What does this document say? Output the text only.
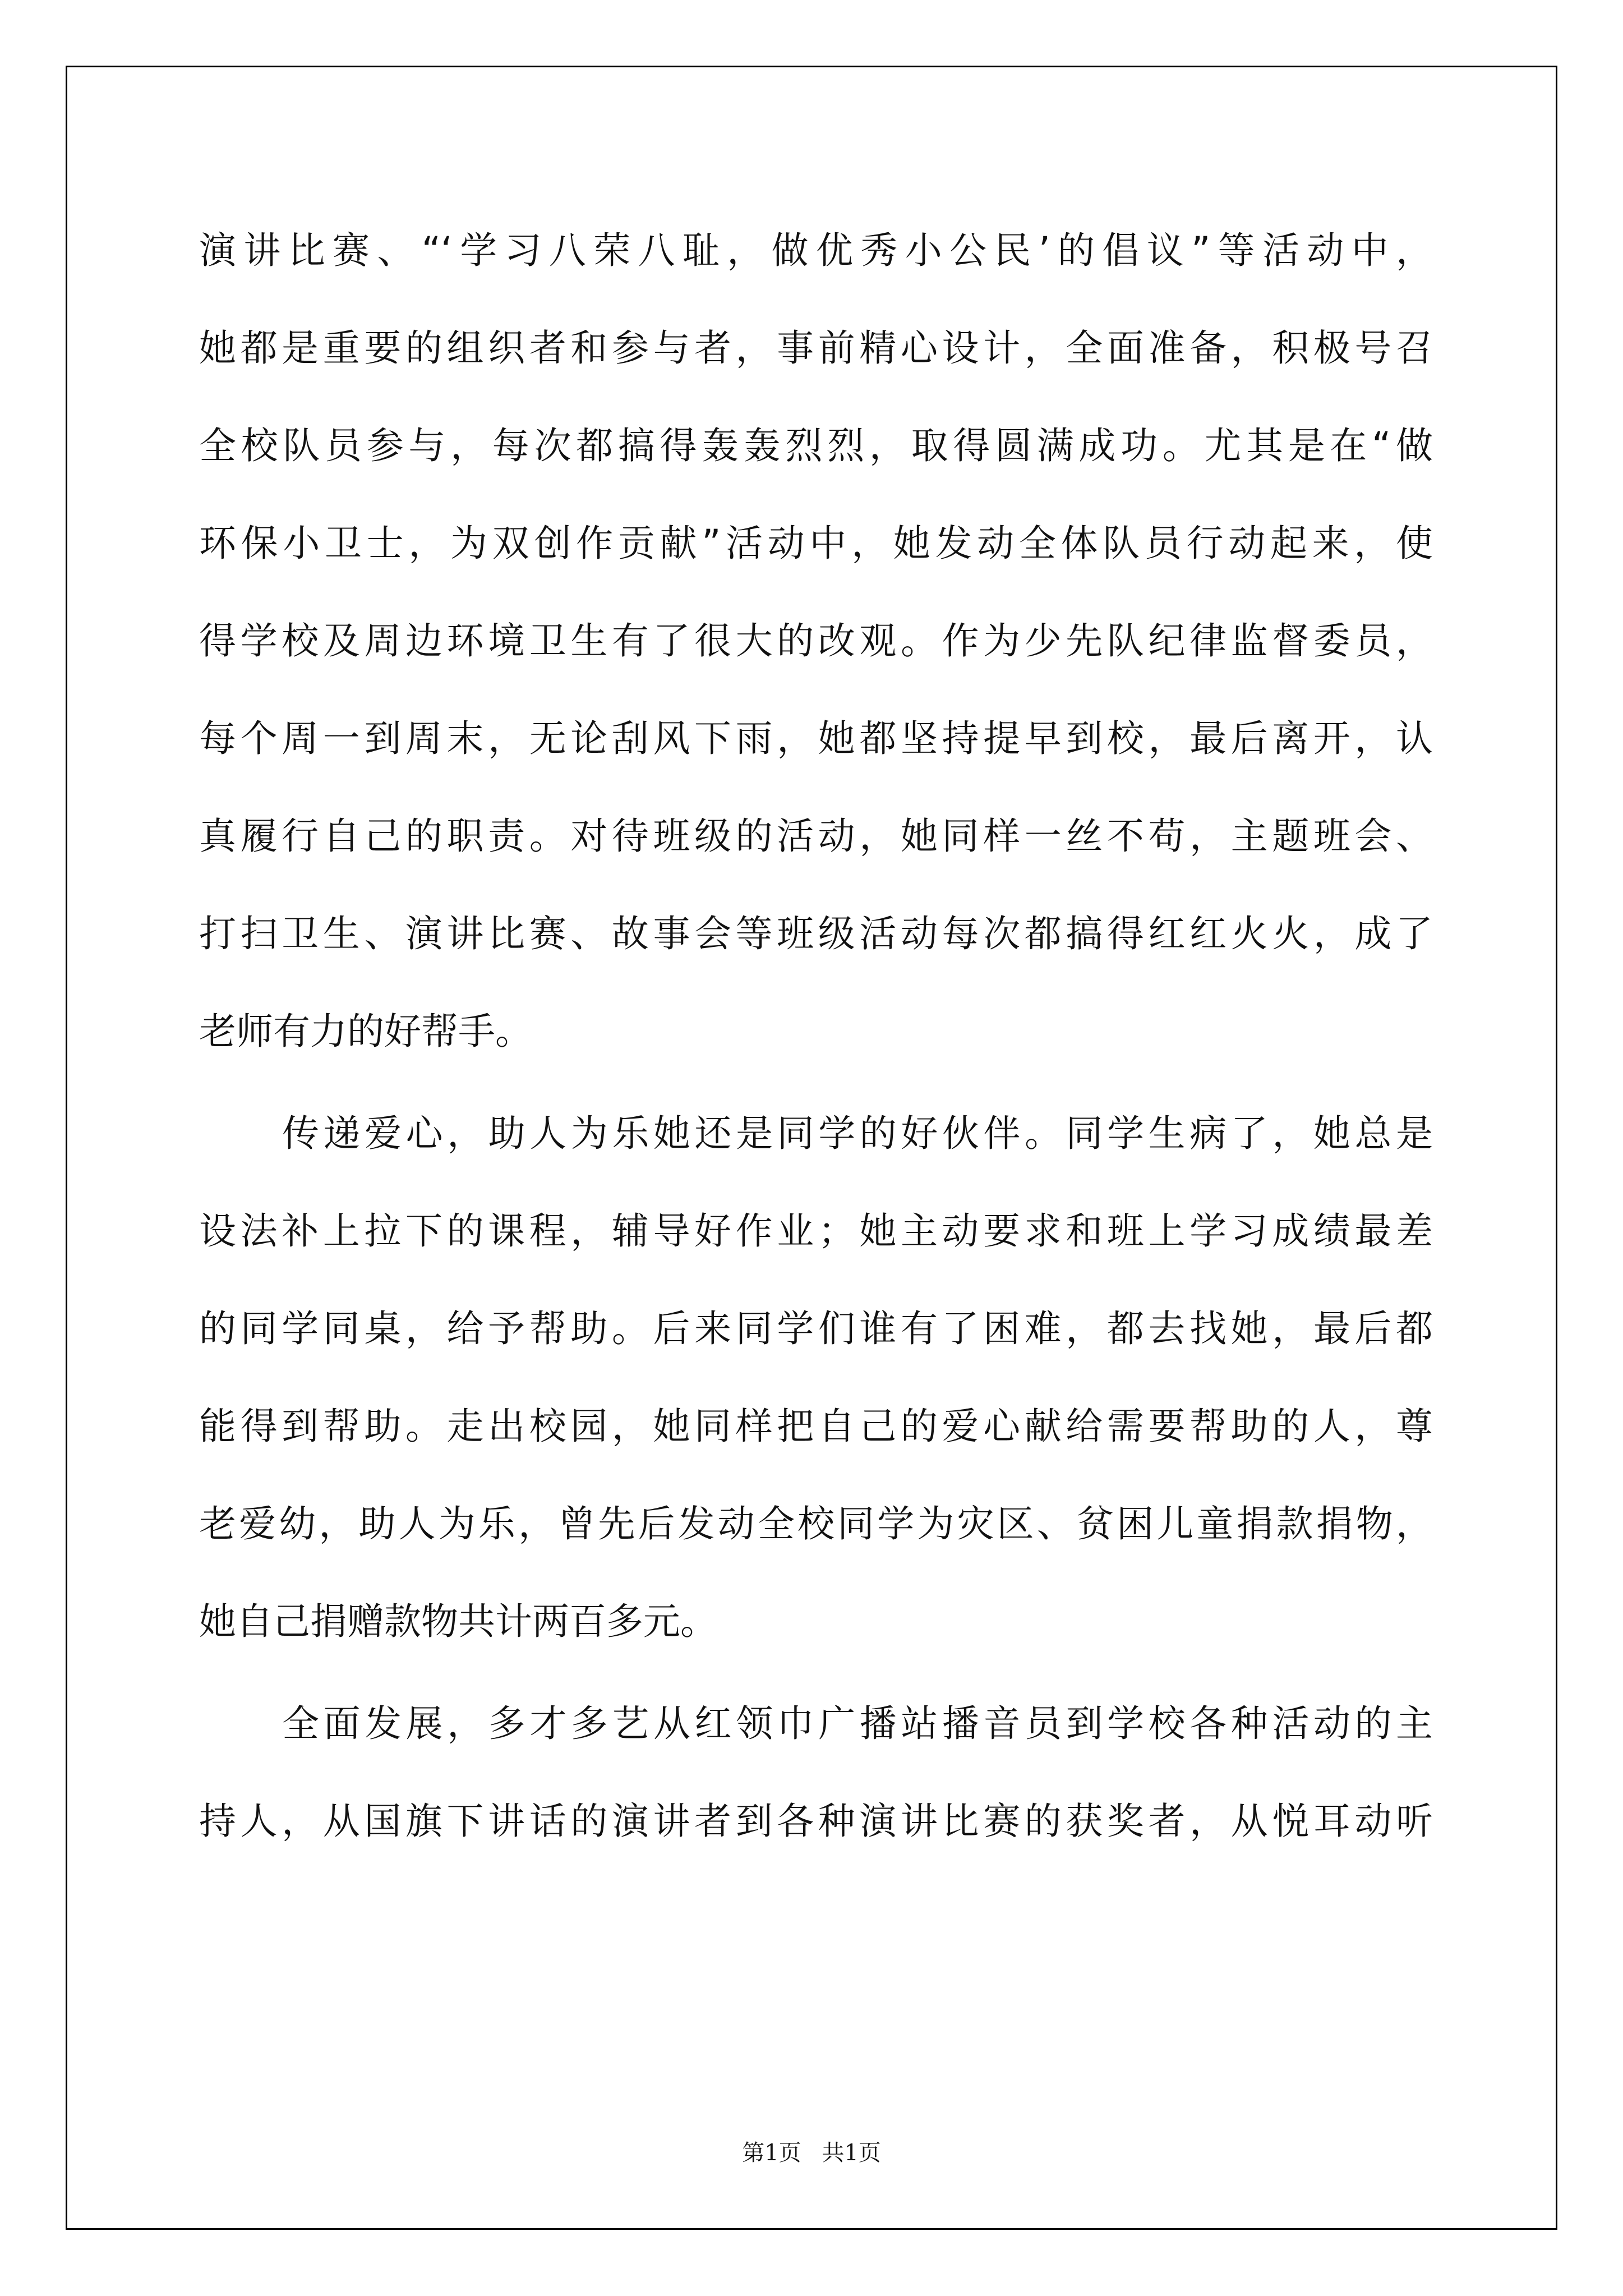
演讲比赛、“‘学习八荣八耻，做优秀小公民’的倡议”等活动中，

她都是重要的组织者和参与者，事前精心设计，全面准备，积极号召

全校队员参与，每次都搞得轰轰烈烈，取得圆满成功。尤其是在“做

环保小卫士，为双创作贡献”活动中，她发动全体队员行动起来，使

得学校及周边环境卫生有了很大的改观。作为少先队纪律监督委员，

每个周一到周末，无论刮风下雨，她都坚持提早到校，最后离开，认

真履行自己的职责。对待班级的活动，她同样一丝不苟，主题班会、

打扫卫生、演讲比赛、故事会等班级活动每次都搞得红红火火，成了

老师有力的好帮手。

传递爱心，助人为乐她还是同学的好伙伴。同学生病了，她总是

设法补上拉下的课程，辅导好作业；她主动要求和班上学习成绩最差

的同学同桌，给予帮助。后来同学们谁有了困难，都去找她，最后都

能得到帮助。走出校园，她同样把自己的爱心献给需要帮助的人，尊

老爱幼，助人为乐，曾先后发动全校同学为灾区、贫困儿童捐款捐物，

她自己捐赠款物共计两百多元。

全面发展，多才多艺从红领巾广播站播音员到学校各种活动的主

持人，从国旗下讲话的演讲者到各种演讲比赛的获奖者，从悦耳动听

第1页 共1页
